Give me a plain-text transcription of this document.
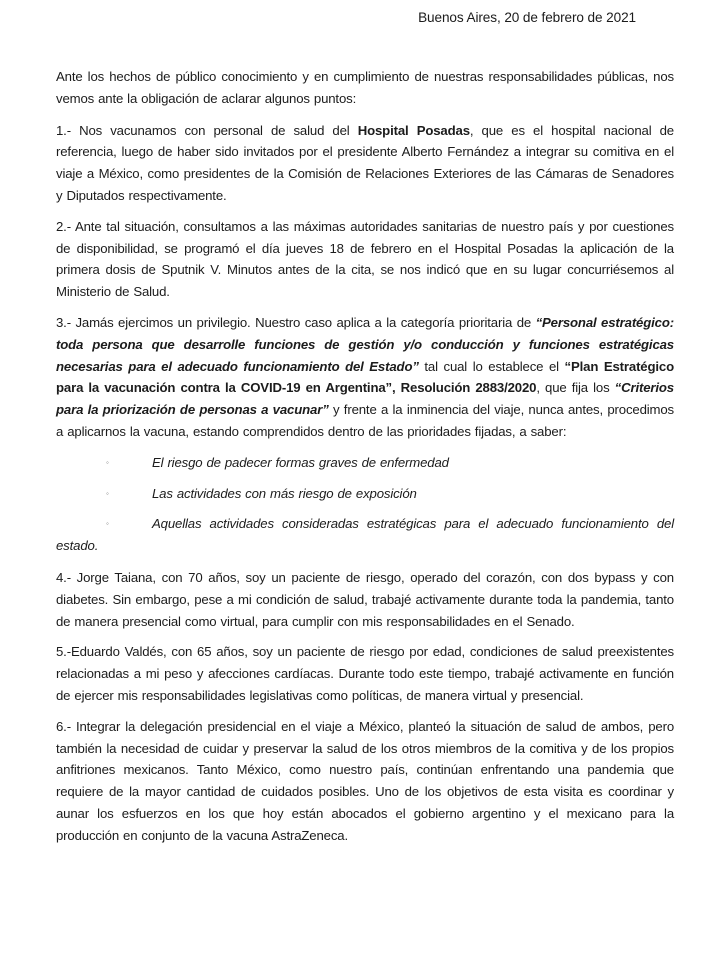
Buenos Aires, 20 de febrero de 2021

Ante los hechos de público conocimiento y en cumplimiento de nuestras responsabilidades públicas, nos vemos ante la obligación de aclarar algunos puntos:

1.- Nos vacunamos con personal de salud del Hospital Posadas, que es el hospital nacional de referencia, luego de haber sido invitados por el presidente Alberto Fernández a integrar su comitiva en el viaje a México, como presidentes de la Comisión de Relaciones Exteriores de las Cámaras de Senadores y Diputados respectivamente.

2.- Ante tal situación, consultamos a las máximas autoridades sanitarias de nuestro país y por cuestiones de disponibilidad, se programó el día jueves 18 de febrero en el Hospital Posadas la aplicación de la primera dosis de Sputnik V. Minutos antes de la cita, se nos indicó que en su lugar concurriésemos al Ministerio de Salud.

3.- Jamás ejercimos un privilegio. Nuestro caso aplica a la categoría prioritaria de “Personal estratégico: toda persona que desarrolle funciones de gestión y/o conducción y funciones estratégicas necesarias para el adecuado funcionamiento del Estado” tal cual lo establece el “Plan Estratégico para la vacunación contra la COVID-19 en Argentina”, Resolución 2883/2020, que fija los “Criterios para la priorización de personas a vacunar” y frente a la inminencia del viaje, nunca antes, procedimos a aplicarnos la vacuna, estando comprendidos dentro de las prioridades fijadas, a saber:

◦	El riesgo de padecer formas graves de enfermedad
◦	Las actividades con más riesgo de exposición
◦	Aquellas actividades consideradas estratégicas para el adecuado funcionamiento del estado.

4.- Jorge Taiana, con 70 años, soy un paciente de riesgo, operado del corazón, con dos bypass y con diabetes. Sin embargo, pese a mi condición de salud, trabajé activamente durante toda la pandemia, tanto de manera presencial como virtual, para cumplir con mis responsabilidades en el Senado.

5.-Eduardo Valdés, con 65 años, soy un paciente de riesgo por edad, condiciones de salud preexistentes relacionadas a mi peso y afecciones cardíacas. Durante todo este tiempo, trabajé activamente en función de ejercer mis responsabilidades legislativas como políticas, de manera virtual y presencial.

6.- Integrar la delegación presidencial en el viaje a México, planteó la situación de salud de ambos, pero también la necesidad de cuidar y preservar la salud de los otros miembros de la comitiva y de los propios anfitriones mexicanos. Tanto México, como nuestro país, continúan enfrentando una pandemia que requiere de la mayor cantidad de cuidados posibles. Uno de los objetivos de esta visita es coordinar y aunar los esfuerzos en los que hoy están abocados el gobierno argentino y el mexicano para la producción en conjunto de la vacuna AstraZeneca.
